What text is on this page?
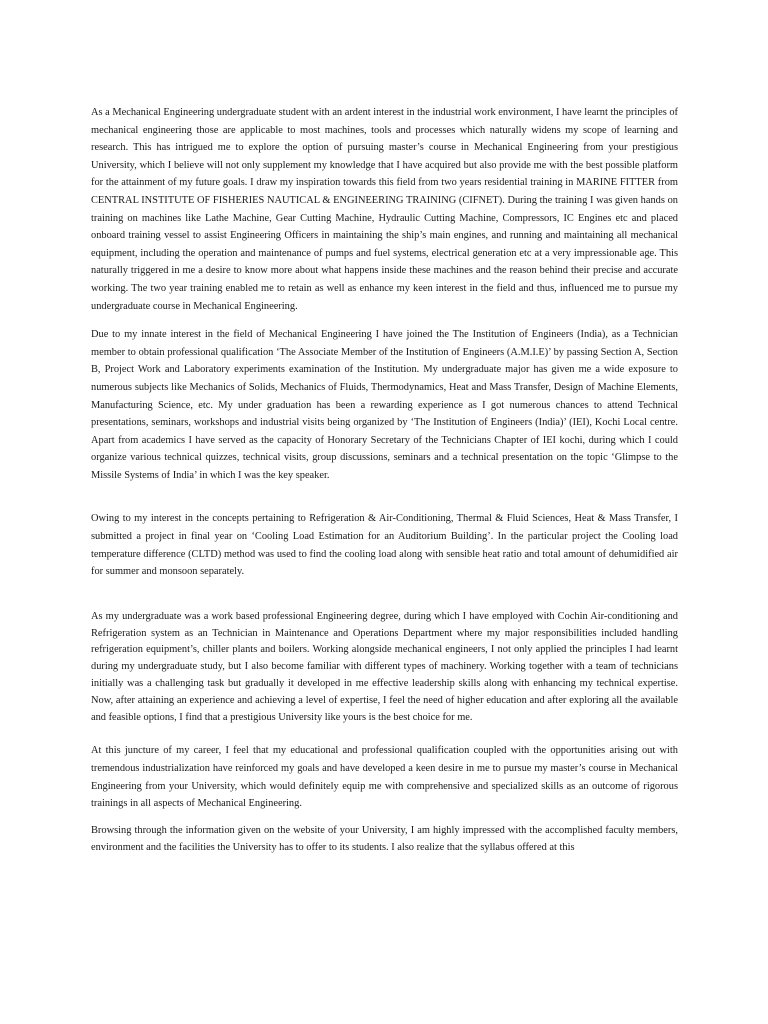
As a Mechanical Engineering undergraduate student with an ardent interest in the industrial work environment, I have learnt the principles of mechanical engineering those are applicable to most machines, tools and processes which naturally widens my scope of learning and research. This has intrigued me to explore the option of pursuing master’s course in Mechanical Engineering from your prestigious University, which I believe will not only supplement my knowledge that I have acquired but also provide me with the best possible platform for the attainment of my future goals. I draw my inspiration towards this field from two years residential training in MARINE FITTER from CENTRAL INSTITUTE OF FISHERIES NAUTICAL & ENGINEERING TRAINING (CIFNET). During the training I was given hands on training on machines like Lathe Machine, Gear Cutting Machine, Hydraulic Cutting Machine, Compressors, IC Engines etc and placed onboard training vessel to assist Engineering Officers in maintaining the ship’s main engines, and running and maintaining all mechanical equipment, including the operation and maintenance of pumps and fuel systems, electrical generation etc at a very impressionable age. This naturally triggered in me a desire to know more about what happens inside these machines and the reason behind their precise and accurate working. The two year training enabled me to retain as well as enhance my keen interest in the field and thus, influenced me to pursue my undergraduate course in Mechanical Engineering.

Due to my innate interest in the field of Mechanical Engineering I have joined the The Institution of Engineers (India), as a Technician member to obtain professional qualification ‘The Associate Member of the Institution of Engineers (A.M.I.E)’ by passing Section A, Section B, Project Work and Laboratory experiments examination of the Institution. My undergraduate major has given me a wide exposure to numerous subjects like Mechanics of Solids, Mechanics of Fluids, Thermodynamics, Heat and Mass Transfer, Design of Machine Elements, Manufacturing Science, etc. My under graduation has been a rewarding experience as I got numerous chances to attend Technical presentations, seminars, workshops and industrial visits being organized by ‘The Institution of Engineers (India)’ (IEI), Kochi Local centre. Apart from academics I have served as the capacity of Honorary Secretary of the Technicians Chapter of IEI kochi, during which I could organize various technical quizzes, technical visits, group discussions, seminars and a technical presentation on the topic ‘Glimpse to the Missile Systems of India’ in which I was the key speaker.

Owing to my interest in the concepts pertaining to Refrigeration & Air-Conditioning, Thermal & Fluid Sciences, Heat & Mass Transfer, I submitted a project in final year on ‘Cooling Load Estimation for an Auditorium Building’. In the particular project the Cooling load temperature difference (CLTD) method was used to find the cooling load along with sensible heat ratio and total amount of dehumidified air for summer and monsoon separately.

As my undergraduate was a work based professional Engineering degree, during which I have employed with Cochin Air-conditioning and Refrigeration system as an Technician in Maintenance and Operations Department where my major responsibilities included handling refrigeration equipment’s, chiller plants and boilers. Working alongside mechanical engineers, I not only applied the principles I had learnt during my undergraduate study, but I also become familiar with different types of machinery. Working together with a team of technicians initially was a challenging task but gradually it developed in me effective leadership skills along with enhancing my technical expertise. Now, after attaining an experience and achieving a level of expertise, I feel the need of higher education and after exploring all the available and feasible options, I find that a prestigious University like yours is the best choice for me.

At this juncture of my career, I feel that my educational and professional qualification coupled with the opportunities arising out with tremendous industrialization have reinforced my goals and have developed a keen desire in me to pursue my master’s course in Mechanical Engineering from your University, which would definitely equip me with comprehensive and specialized skills as an outcome of rigorous trainings in all aspects of Mechanical Engineering.

Browsing through the information given on the website of your University, I am highly impressed with the accomplished faculty members, environment and the facilities the University has to offer to its students. I also realize that the syllabus offered at this
